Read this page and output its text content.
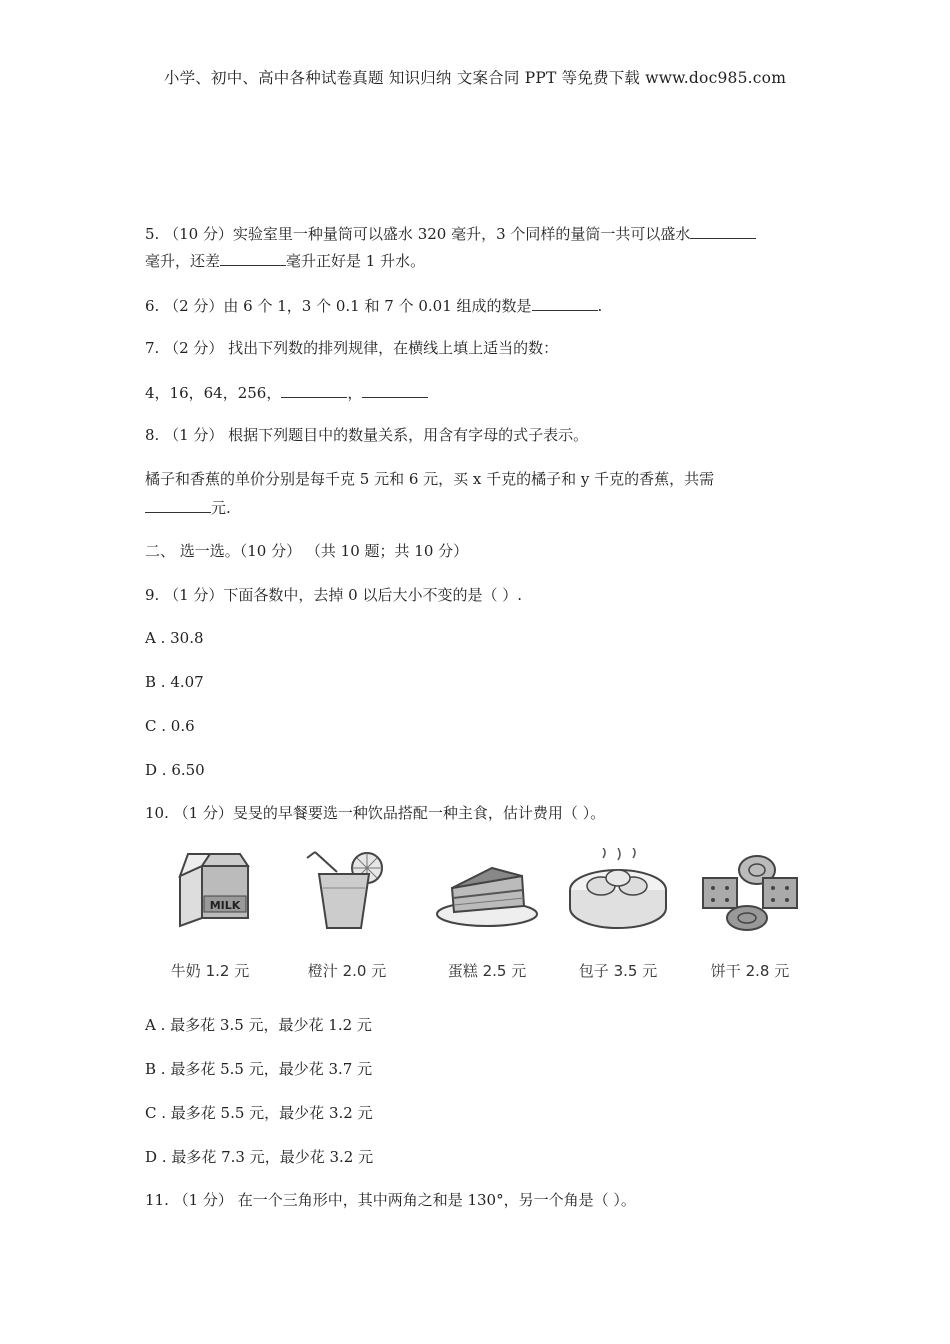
小学、初中、高中各种试卷真题 知识归纳 文案合同 PPT 等免费下载 www.doc985.com
5. （10 分）实验室里一种量筒可以盛水 320 毫升，3 个同样的量筒一共可以盛水
毫升，还差	毫升正好是 1 升水。
6. （2 分）由 6 个 1，3 个 0.1 和 7 个 0.01 组成的数是	.
7. （2 分） 找出下列数的排列规律，在横线上填上适当的数：
4，16，64，256，	，
8. （1 分） 根据下列题目中的数量关系，用含有字母的式子表示。
橘子和香蕉的单价分别是每千克 5 元和 6 元，买 x 千克的橘子和 y 千克的香蕉，共需
元.
二、 选一选。（10 分） （共 10 题；共 10 分）
9. （1 分）下面各数中，去掉 0 以后大小不变的是（ ）.
A . 30.8
B . 4.07
C . 0.6
D . 6.50
10. （1 分）旻旻的早餐要选一种饮品搭配一种主食，估计费用（ ）。
MILK
牛奶 1.2 元	橙汁 2.0 元	蛋糕 2.5 元	包子 3.5 元	饼干 2.8 元
A . 最多花 3.5 元，最少花 1.2 元
B . 最多花 5.5 元，最少花 3.7 元
C . 最多花 5.5 元，最少花 3.2 元
D . 最多花 7.3 元，最少花 3.2 元
11. （1 分） 在一个三角形中，其中两角之和是 130°，另一个角是（ ）。
